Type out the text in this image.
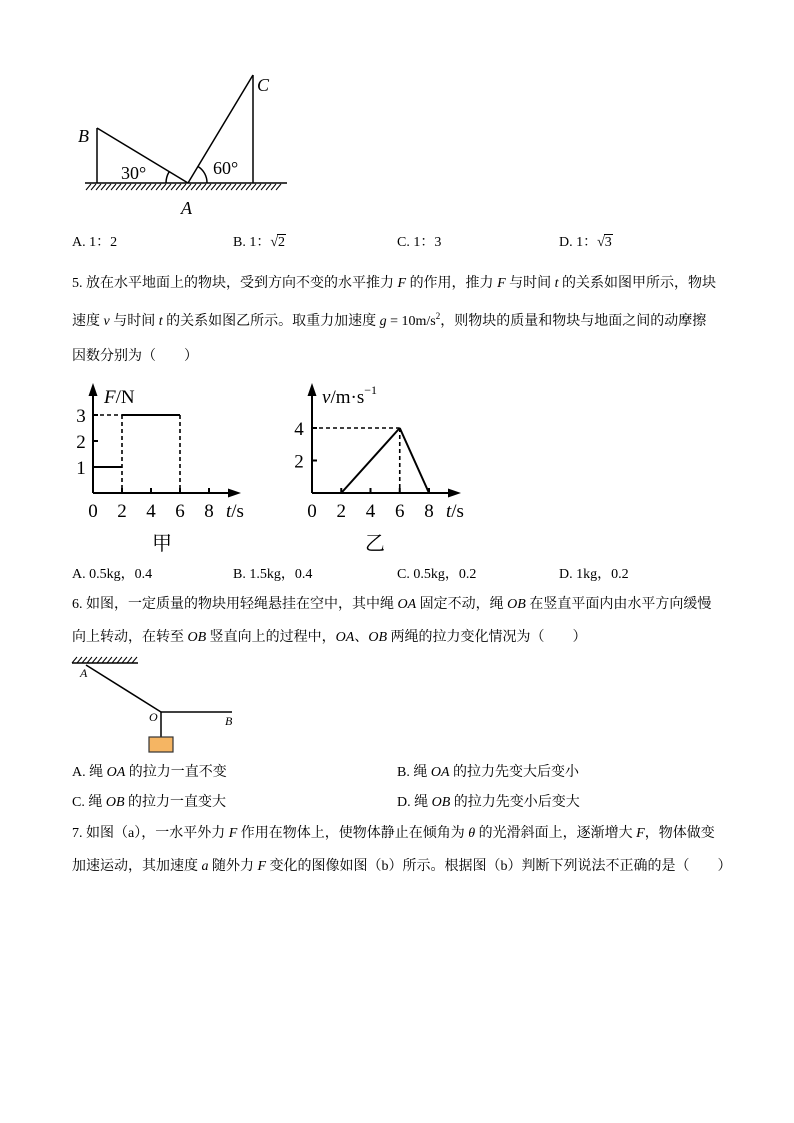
B
C
A
30°	60°
A. 1：2	B. 1：√2	C. 1：3	D. 1：√3
5. 放在水平地面上的物块，受到方向不变的水平推力 F 的作用，推力 F 与时间 t 的关系如图甲所示，物块
速度 v 与时间 t 的关系如图乙所示。取重力加速度 $g = 10m/s^2$，则物块的质量和物块与地面之间的动摩擦
因数分别为（　　）
甲
0 2 4 6 8
1
2
3
t/s
F/N
乙
0 2 4 6 8
2
4
t/s
$v/m\cdot s^{-1}$
A. 0.5kg，0.4	B. 1.5kg，0.4	C. 0.5kg，0.2	D. 1kg，0.2
6. 如图，一定质量的物块用轻绳悬挂在空中，其中绳 OA 固定不动，绳 OB 在竖直平面内由水平方向缓慢
向上转动，在转至 OB 竖直向上的过程中，OA、OB 两绳的拉力变化情况为（　　）
A
O	B
A. 绳 OA 的拉力一直不变	B. 绳 OA 的拉力先变大后变小
C. 绳 OB 的拉力一直变大	D. 绳 OB 的拉力先变小后变大
7. 如图（a），一水平外力 F 作用在物体上，使物体静止在倾角为 θ 的光滑斜面上，逐渐增大 F，物体做变
加速运动，其加速度 a 随外力 F 变化的图像如图（b）所示。根据图（b）判断下列说法不正确的是（　　）
